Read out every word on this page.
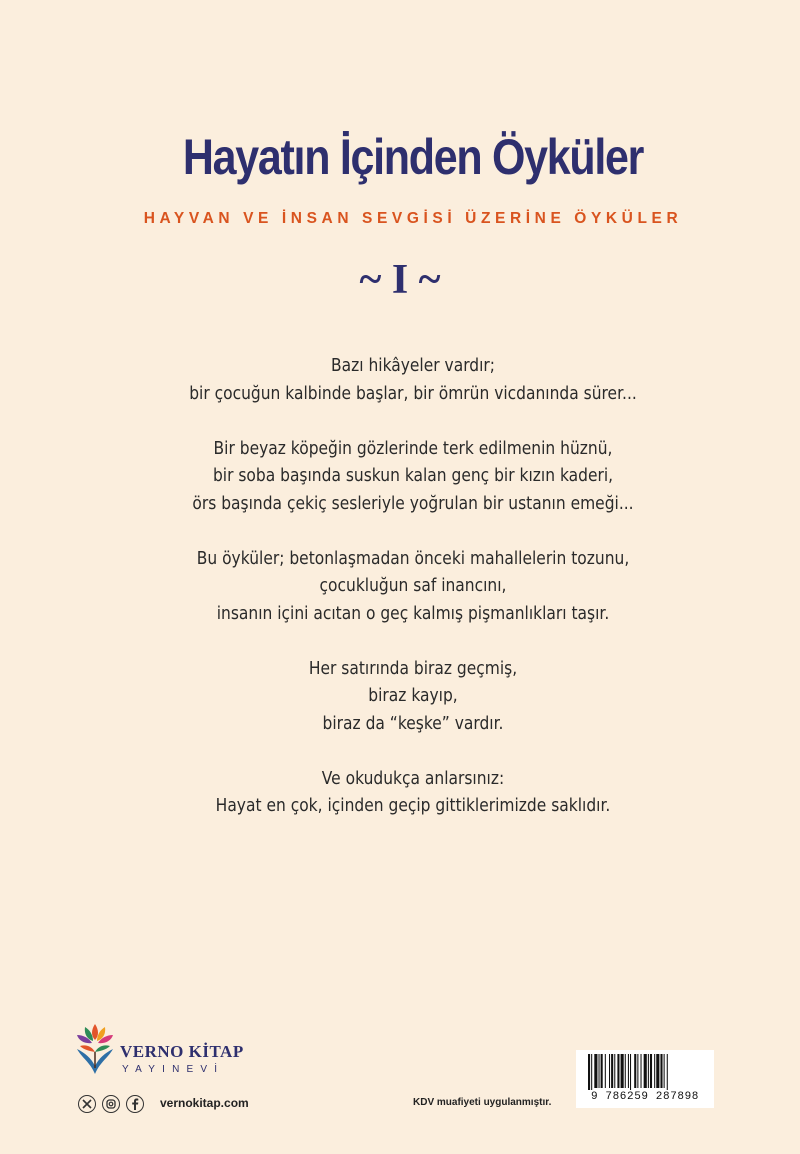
Hayatın İçinden Öyküler
HAYVAN VE İNSAN SEVGİSİ ÜZERİNE ÖYKÜLER
~ I ~
Bazı hikâyeler vardır;
bir çocuğun kalbinde başlar, bir ömrün vicdanında sürer...
Bir beyaz köpeğin gözlerinde terk edilmenin hüznü,
bir soba başında suskun kalan genç bir kızın kaderi,
örs başında çekiç sesleriyle yoğrulan bir ustanın emeği...
Bu öyküler; betonlaşmadan önceki mahallelerin tozunu,
çocukluğun saf inancını,
insanın içini acıtan o geç kalmış pişmanlıkları taşır.
Her satırında biraz geçmiş,
biraz kayıp,
biraz da “keşke” vardır.
Ve okudukça anlarsınız:
Hayat en çok, içinden geçip gittiklerimizde saklıdır.
VERNO KİTAP
YAYINEVİ
vernokitap.com	KDV muafiyeti uygulanmıştır.	9 786259 287898
